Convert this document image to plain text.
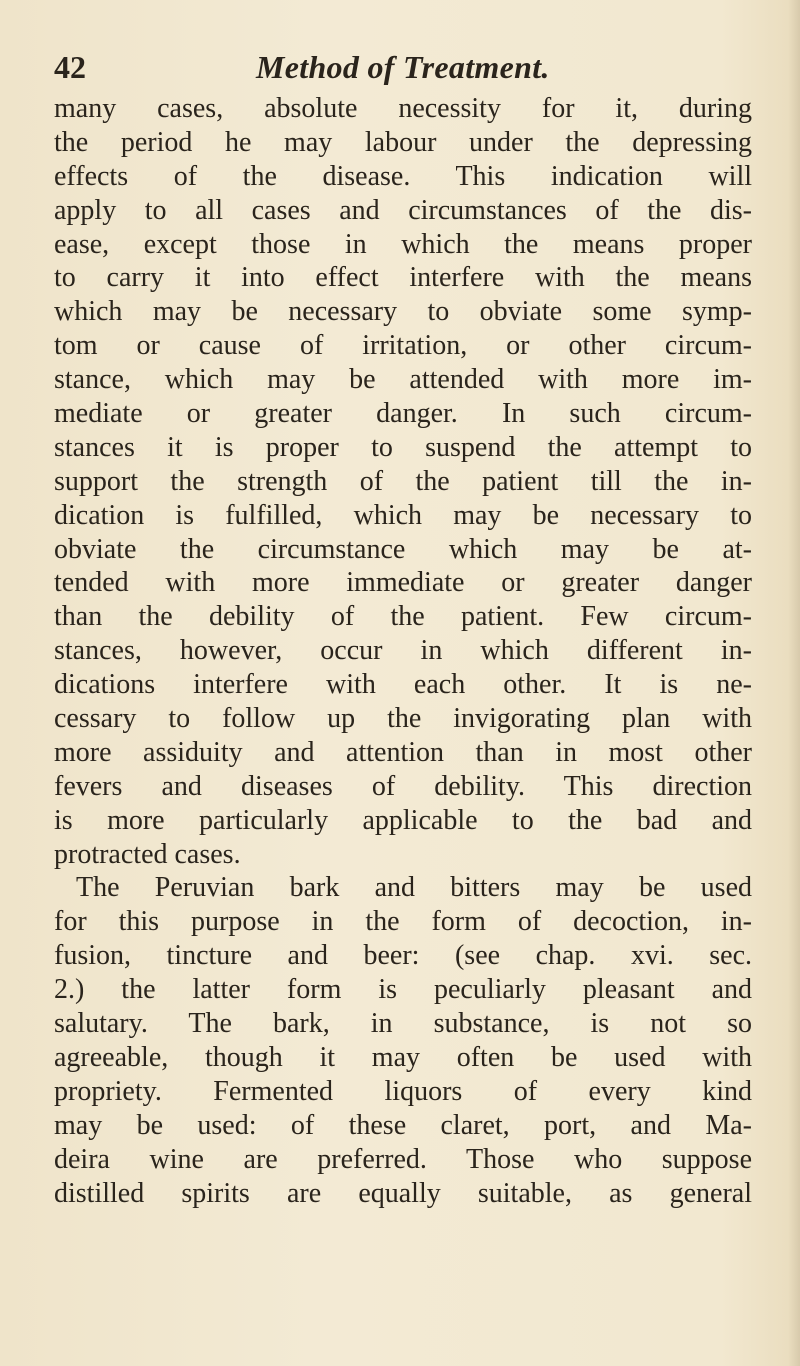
42	Method of Treatment.
many cases, absolute necessity for it, during
the period he may labour under the depressing
effects of the disease. This indication will
apply to all cases and circumstances of the dis-
ease, except those in which the means proper
to carry it into effect interfere with the means
which may be necessary to obviate some symp-
tom or cause of irritation, or other circum-
stance, which may be attended with more im-
mediate or greater danger. In such circum-
stances it is proper to suspend the attempt to
support the strength of the patient till the in-
dication is fulfilled, which may be necessary to
obviate the circumstance which may be at-
tended with more immediate or greater danger
than the debility of the patient. Few circum-
stances, however, occur in which different in-
dications interfere with each other. It is ne-
cessary to follow up the invigorating plan with
more assiduity and attention than in most other
fevers and diseases of debility. This direction
is more particularly applicable to the bad and
protracted cases.
The Peruvian bark and bitters may be used
for this purpose in the form of decoction, in-
fusion, tincture and beer: (see chap. xvi. sec.
2.) the latter form is peculiarly pleasant and
salutary. The bark, in substance, is not so
agreeable, though it may often be used with
propriety. Fermented liquors of every kind
may be used: of these claret, port, and Ma-
deira wine are preferred. Those who suppose
distilled spirits are equally suitable, as general
